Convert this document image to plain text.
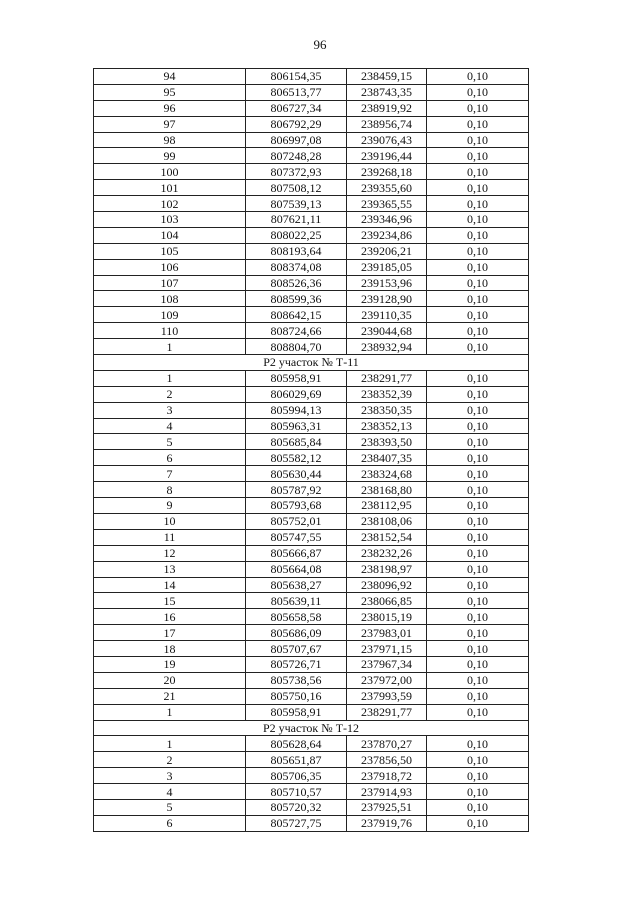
96
94	806154,35	238459,15	0,10
95	806513,77	238743,35	0,10
96	806727,34	238919,92	0,10
97	806792,29	238956,74	0,10
98	806997,08	239076,43	0,10
99	807248,28	239196,44	0,10
100	807372,93	239268,18	0,10
101	807508,12	239355,60	0,10
102	807539,13	239365,55	0,10
103	807621,11	239346,96	0,10
104	808022,25	239234,86	0,10
105	808193,64	239206,21	0,10
106	808374,08	239185,05	0,10
107	808526,36	239153,96	0,10
108	808599,36	239128,90	0,10
109	808642,15	239110,35	0,10
110	808724,66	239044,68	0,10
1	808804,70	238932,94	0,10
Р2 участок № Т-11			
1	805958,91	238291,77	0,10
2	806029,69	238352,39	0,10
3	805994,13	238350,35	0,10
4	805963,31	238352,13	0,10
5	805685,84	238393,50	0,10
6	805582,12	238407,35	0,10
7	805630,44	238324,68	0,10
8	805787,92	238168,80	0,10
9	805793,68	238112,95	0,10
10	805752,01	238108,06	0,10
11	805747,55	238152,54	0,10
12	805666,87	238232,26	0,10
13	805664,08	238198,97	0,10
14	805638,27	238096,92	0,10
15	805639,11	238066,85	0,10
16	805658,58	238015,19	0,10
17	805686,09	237983,01	0,10
18	805707,67	237971,15	0,10
19	805726,71	237967,34	0,10
20	805738,56	237972,00	0,10
21	805750,16	237993,59	0,10
1	805958,91	238291,77	0,10
Р2 участок № Т-12			
1	805628,64	237870,27	0,10
2	805651,87	237856,50	0,10
3	805706,35	237918,72	0,10
4	805710,57	237914,93	0,10
5	805720,32	237925,51	0,10
6	805727,75	237919,76	0,10
